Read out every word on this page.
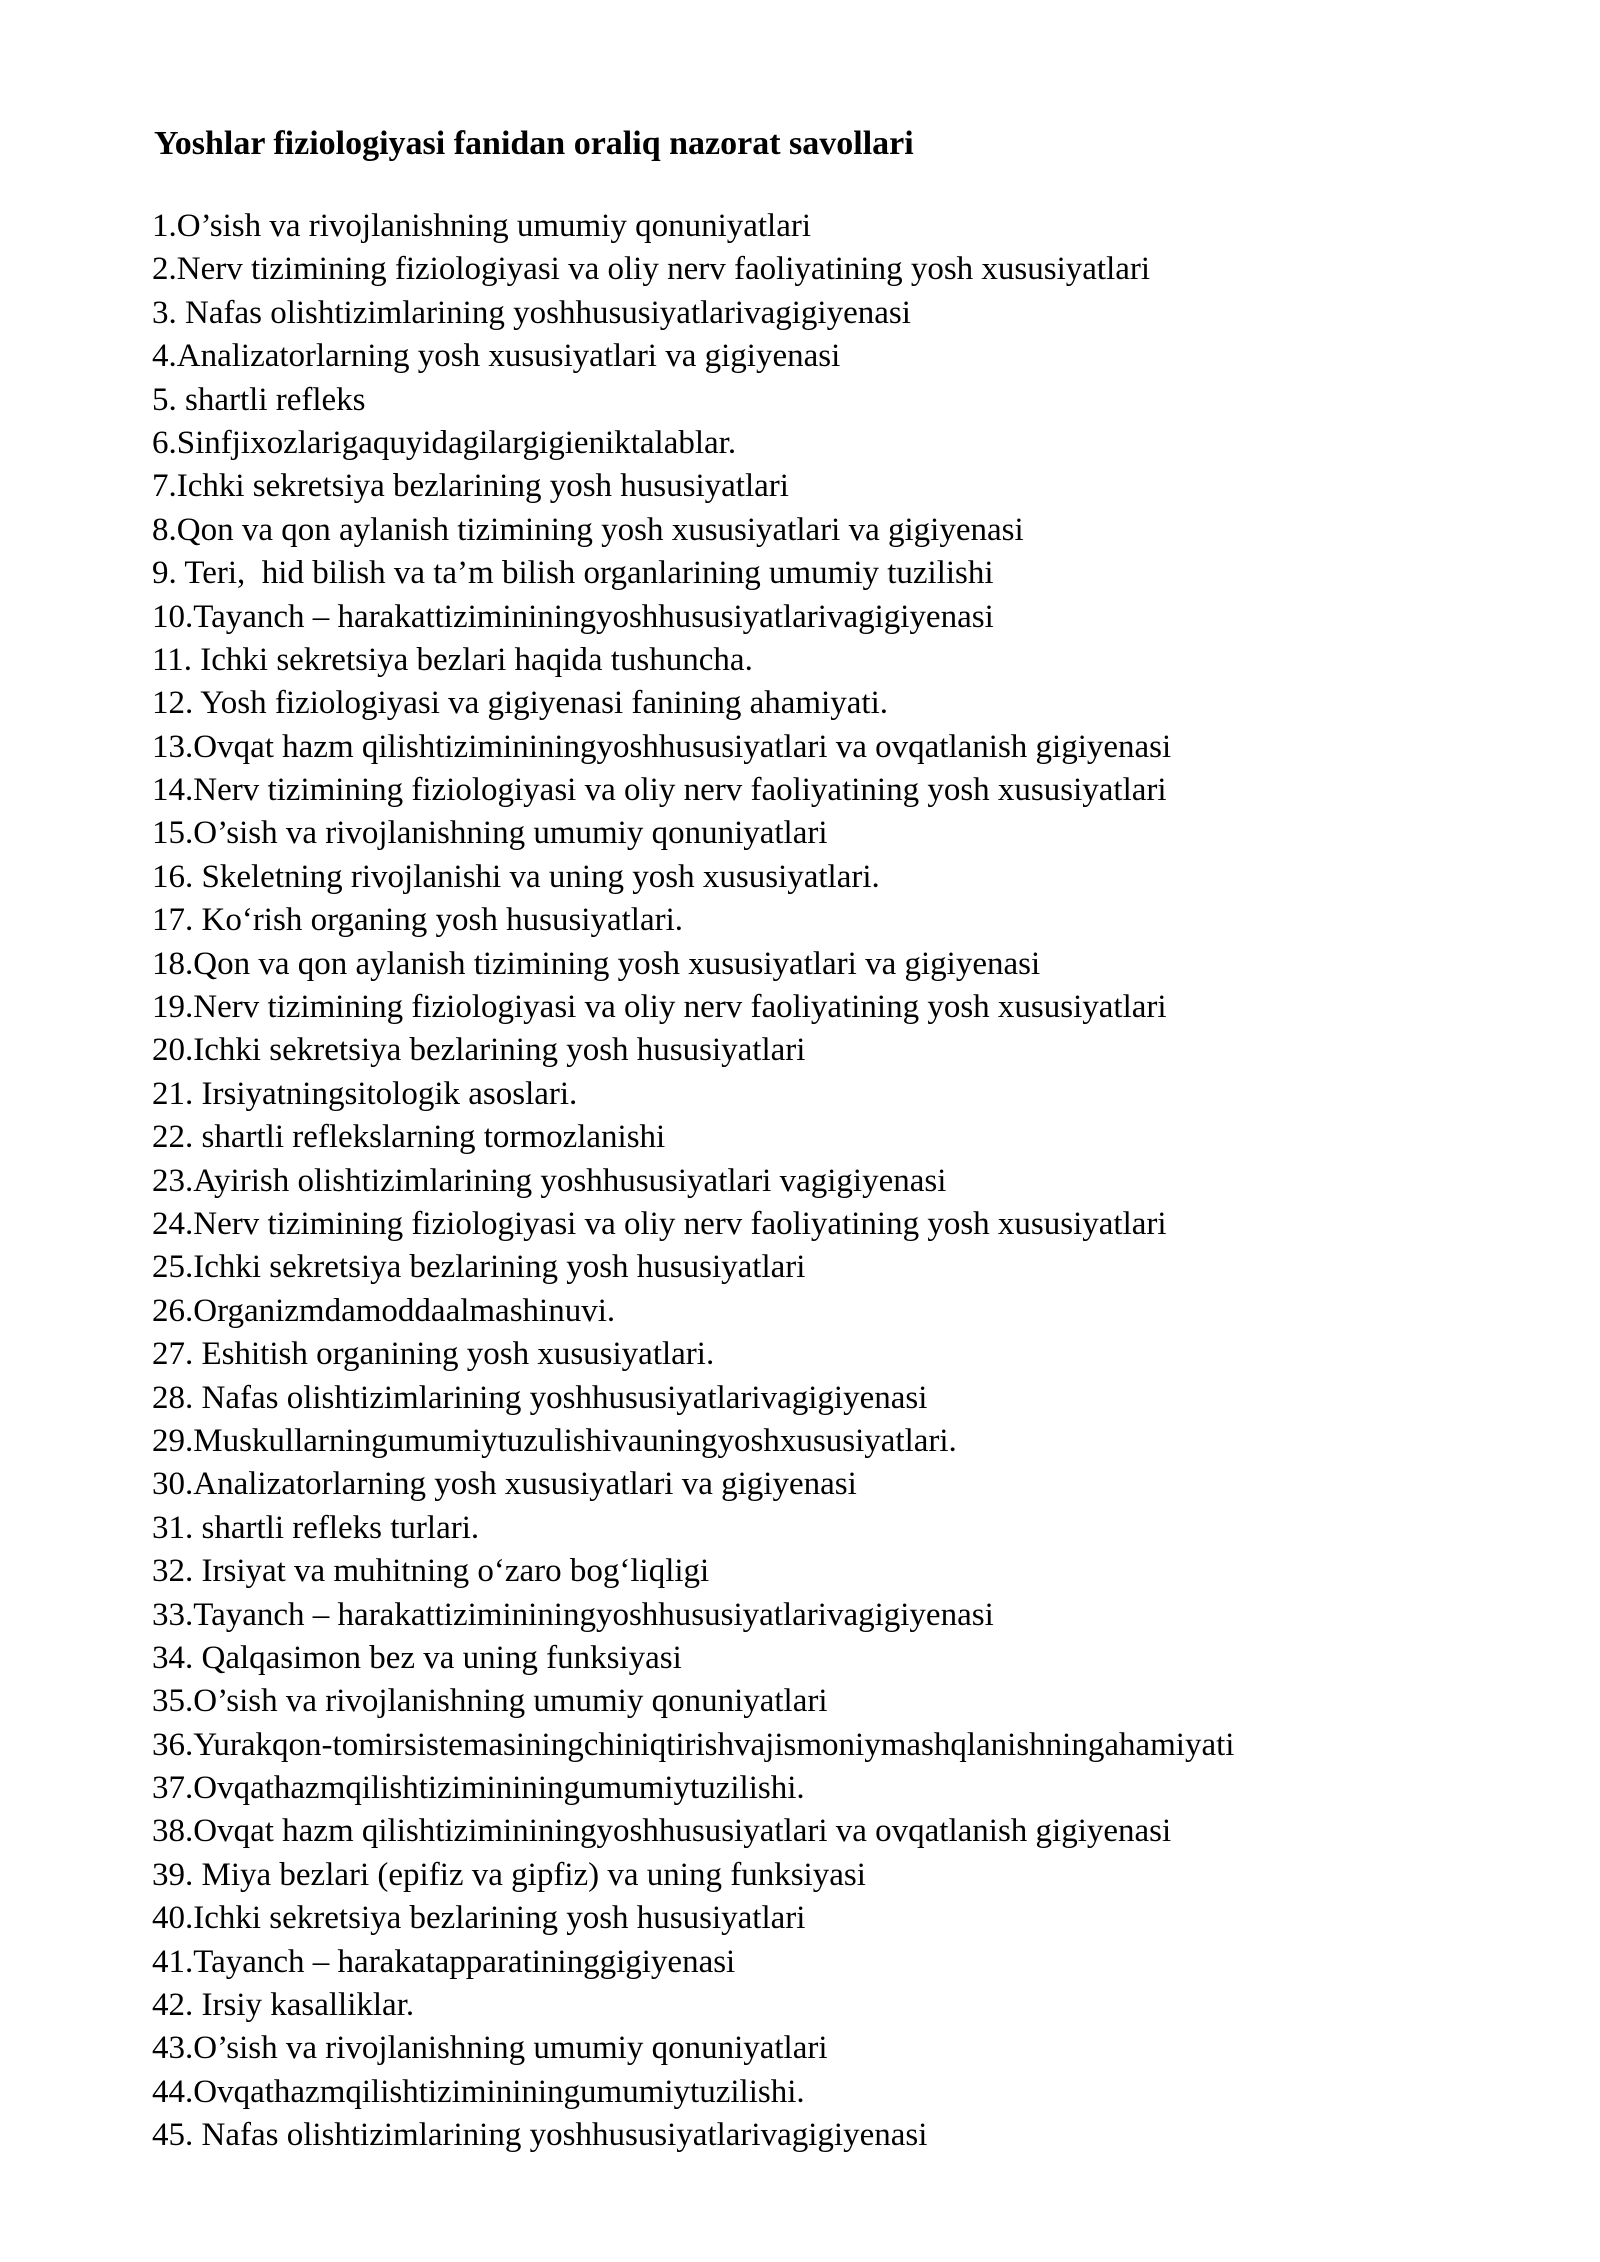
Yoshlar fiziologiyasi fanidan oraliq nazorat savollari
1.O’sish va rivojlanishning umumiy qonuniyatlari
2.Nerv tizimining fiziologiyasi va oliy nerv faoliyatining yosh xususiyatlari
3. Nafas olishtizimlarining yoshhususiyatlarivagigiyenasi
4.Analizatorlarning yosh xususiyatlari va gigiyenasi
5. shartli refleks
6.Sinfjixozlarigaquyidagilargigieniktalablar.
7.Ichki sekretsiya bezlarining yosh hususiyatlari
8.Qon va qon aylanish tizimining yosh xususiyatlari va gigiyenasi
9. Teri,  hid bilish va ta’m bilish organlarining umumiy tuzilishi
10.Tayanch – harakattizimininingyoshhususiyatlarivagigiyenasi
11. Ichki sekretsiya bezlari haqida tushuncha.
12. Yosh fiziologiyasi va gigiyenasi fanining ahamiyati.
13.Ovqat hazm qilishtizimininingyoshhususiyatlari va ovqatlanish gigiyenasi
14.Nerv tizimining fiziologiyasi va oliy nerv faoliyatining yosh xususiyatlari
15.O’sish va rivojlanishning umumiy qonuniyatlari
16. Skeletning rivojlanishi va uning yosh xususiyatlari.
17. Ko‘rish organing yosh hususiyatlari.
18.Qon va qon aylanish tizimining yosh xususiyatlari va gigiyenasi
19.Nerv tizimining fiziologiyasi va oliy nerv faoliyatining yosh xususiyatlari
20.Ichki sekretsiya bezlarining yosh hususiyatlari
21. Irsiyatningsitologik asoslari.
22. shartli reflekslarning tormozlanishi
23.Ayirish olishtizimlarining yoshhususiyatlari vagigiyenasi
24.Nerv tizimining fiziologiyasi va oliy nerv faoliyatining yosh xususiyatlari
25.Ichki sekretsiya bezlarining yosh hususiyatlari
26.Organizmdamoddaalmashinuvi.
27. Eshitish organining yosh xususiyatlari.
28. Nafas olishtizimlarining yoshhususiyatlarivagigiyenasi
29.Muskullarningumumiytuzulishivauningyoshxususiyatlari.
30.Analizatorlarning yosh xususiyatlari va gigiyenasi
31. shartli refleks turlari.
32. Irsiyat va muhitning o‘zaro bog‘liqligi
33.Tayanch – harakattizimininingyoshhususiyatlarivagigiyenasi
34. Qalqasimon bez va uning funksiyasi
35.O’sish va rivojlanishning umumiy qonuniyatlari
36.Yurakqon-tomirsistemasiningchiniqtirishvajismoniymashqlanishningahamiyati
37.Ovqathazmqilishtizimininingumumiytuzilishi.
38.Ovqat hazm qilishtizimininingyoshhususiyatlari va ovqatlanish gigiyenasi
39. Miya bezlari (epifiz va gipfiz) va uning funksiyasi
40.Ichki sekretsiya bezlarining yosh hususiyatlari
41.Tayanch – harakatapparatininggigiyenasi
42. Irsiy kasalliklar.
43.O’sish va rivojlanishning umumiy qonuniyatlari
44.Ovqathazmqilishtizimininingumumiytuzilishi.
45. Nafas olishtizimlarining yoshhususiyatlarivagigiyenasi
